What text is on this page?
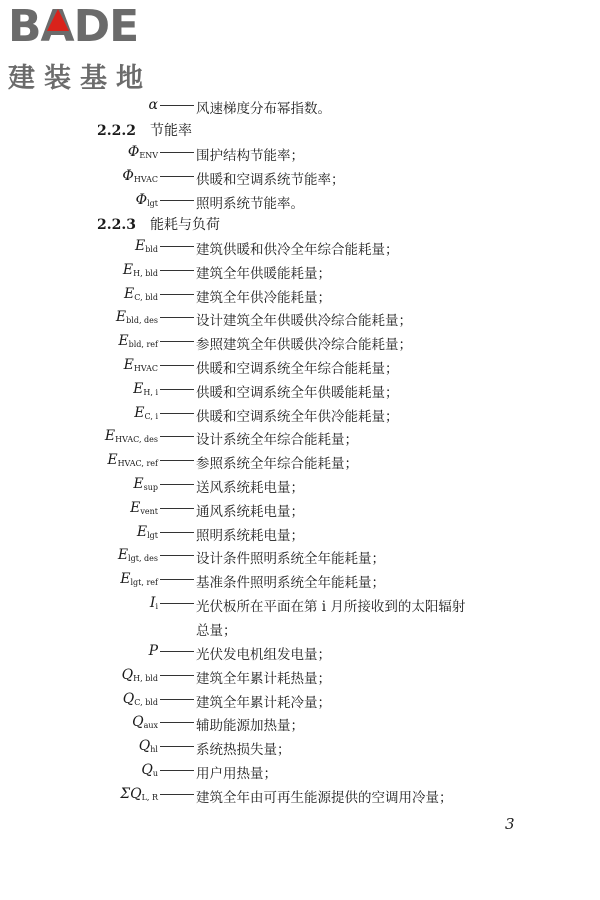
BA
DE
建装基地
α	风速梯度分布幂指数。
2.2.2 节能率
$\Phi_{ENV}$	围护结构节能率；
$\Phi_{HVAC}$	供暖和空调系统节能率；
$\Phi_{lgt}$	照明系统节能率。
2.2.3 能耗与负荷
$E_{bld}$	建筑供暖和供冷全年综合能耗量；
$E_{H, bld}$	建筑全年供暖能耗量；
$E_{C, bld}$	建筑全年供冷能耗量；
$E_{bld, des}$	设计建筑全年供暖供冷综合能耗量；
$E_{bld, ref}$	参照建筑全年供暖供冷综合能耗量；
$E_{HVAC}$	供暖和空调系统全年综合能耗量；
$E_{H, i}$	供暖和空调系统全年供暖能耗量；
$E_{C, i}$	供暖和空调系统全年供冷能耗量；
$E_{HVAC, des}$	设计系统全年综合能耗量；
$E_{HVAC, ref}$	参照系统全年综合能耗量；
$E_{sup}$	送风系统耗电量；
$E_{vent}$	通风系统耗电量；
$E_{lgt}$	照明系统耗电量；
$E_{lgt, des}$	设计条件照明系统全年能耗量；
$E_{lgt, ref}$	基准条件照明系统全年能耗量；
$I_i$	光伏板所在平面在第 i 月所接收到的太阳辐射
总量；
P	光伏发电机组发电量；
$Q_{H, bld}$	建筑全年累计耗热量；
$Q_{C, bld}$	建筑全年累计耗冷量；
$Q_{aux}$	辅助能源加热量；
$Q_{hl}$	系统热损失量；
$Q_u$	用户用热量；
$\Sigma Q_{L, R}$	建筑全年由可再生能源提供的空调用冷量；
3
